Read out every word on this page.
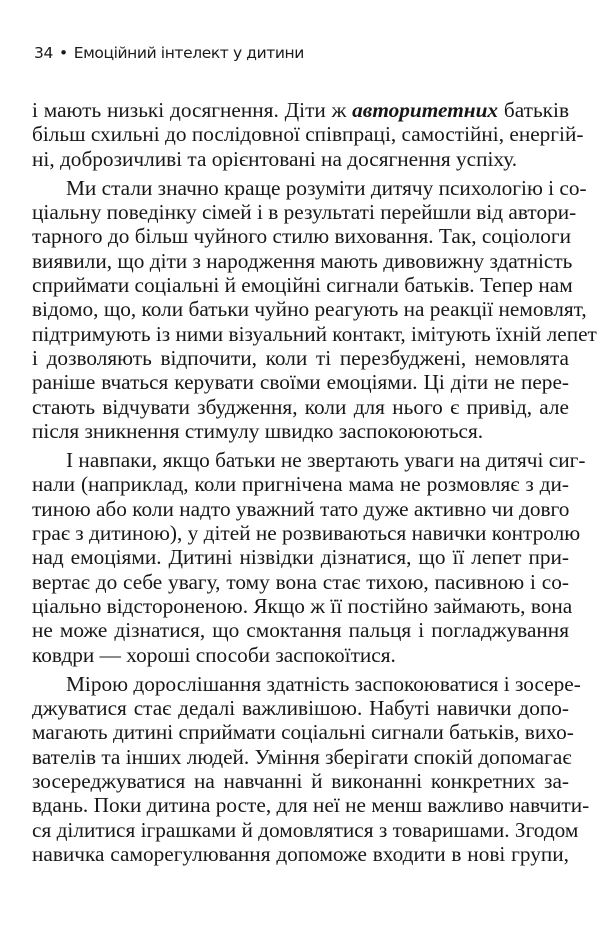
34 • Емоційний інтелект у дитини
і мають низькі досягнення. Діти ж авторитетних батьків
більш схильні до послідовної співпраці, самостійні, енергій-
ні, доброзичливі та орієнтовані на досягнення успіху.
Ми стали значно краще розуміти дитячу психологію і со-
ціальну поведінку сімей і в результаті перейшли від автори-
тарного до більш чуйного стилю виховання. Так, соціологи
виявили, що діти з народження мають дивовижну здатність
сприймати соціальні й емоційні сигнали батьків. Тепер нам
відомо, що, коли батьки чуйно реагують на реакції немовлят,
підтримують із ними візуальний контакт, імітують їхній лепет
і дозволяють відпочити, коли ті перезбуджені, немовлята
раніше вчаться керувати своїми емоціями. Ці діти не пере-
стають відчувати збудження, коли для нього є привід, але
після зникнення стимулу швидко заспокоюються.
І навпаки, якщо батьки не звертають уваги на дитячі сиг-
нали (наприклад, коли пригнічена мама не розмовляє з ди-
тиною або коли надто уважний тато дуже активно чи довго
грає з дитиною), у дітей не розвиваються навички контролю
над емоціями. Дитині нізвідки дізнатися, що її лепет при-
вертає до себе увагу, тому вона стає тихою, пасивною і со-
ціально відстороненою. Якщо ж її постійно займають, вона
не може дізнатися, що смоктання пальця і погладжування
ковдри — хороші способи заспокоїтися.
Мірою дорослішання здатність заспокоюватися і зосере-
джуватися стає дедалі важливішою. Набуті навички допо-
магають дитині сприймати соціальні сигнали батьків, вихо-
вателів та інших людей. Уміння зберігати спокій допомагає
зосереджуватися на навчанні й виконанні конкретних за-
вдань. Поки дитина росте, для неї не менш важливо навчити-
ся ділитися іграшками й домовлятися з товаришами. Згодом
навичка саморегулювання допоможе входити в нові групи,
